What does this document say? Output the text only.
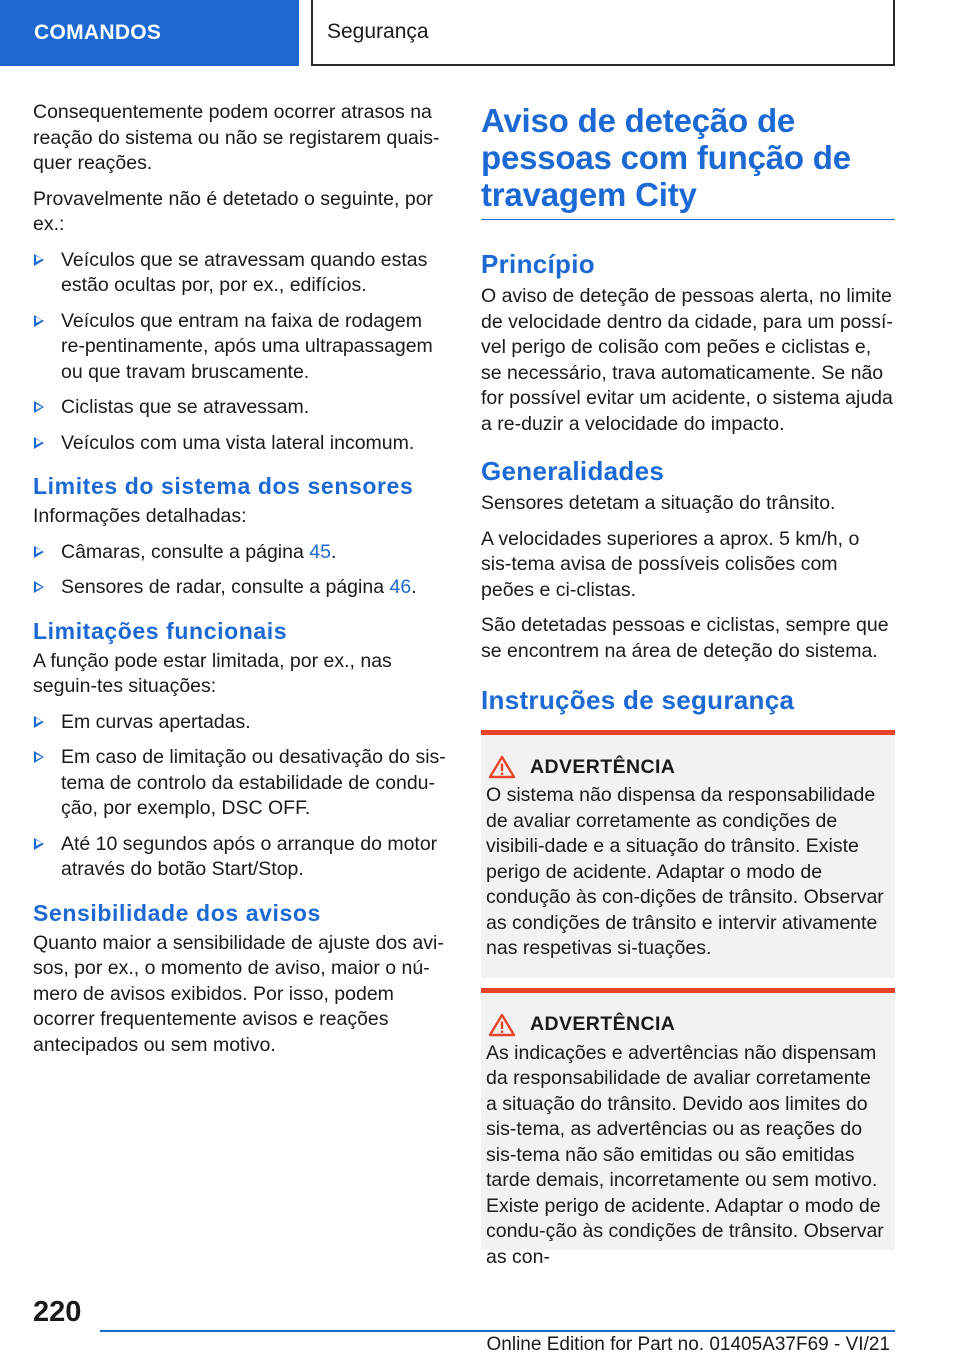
COMANDOS	Segurança

Consequentemente podem ocorrer atrasos na reação do sistema ou não se registarem quais-quer reações.

Provavelmente não é detetado o seguinte, por ex.:

Veículos que se atravessam quando estas estão ocultas por, por ex., edifícios.
Veículos que entram na faixa de rodagem re-pentinamente, após uma ultrapassagem ou que travam bruscamente.
Ciclistas que se atravessam.
Veículos com uma vista lateral incomum.
Limites do sistema dos sensores

Informações detalhadas:

Câmaras, consulte a página 45.
Sensores de radar, consulte a página 46.
Limitações funcionais

A função pode estar limitada, por ex., nas seguin-tes situações:

Em curvas apertadas.
Em caso de limitação ou desativação do sis-tema de controlo da estabilidade de condu-ção, por exemplo, DSC OFF.
Até 10 segundos após o arranque do motor através do botão Start/Stop.
Sensibilidade dos avisos

Quanto maior a sensibilidade de ajuste dos avi-sos, por ex., o momento de aviso, maior o nú-mero de avisos exibidos. Por isso, podem ocorrer frequentemente avisos e reações antecipados ou sem motivo.

Aviso de deteção de pessoas com função de travagem City
Princípio

O aviso de deteção de pessoas alerta, no limite de velocidade dentro da cidade, para um possí-vel perigo de colisão com peões e ciclistas e, se necessário, trava automaticamente. Se não for possível evitar um acidente, o sistema ajuda a re-duzir a velocidade do impacto.

Generalidades

Sensores detetam a situação do trânsito.

A velocidades superiores a aprox. 5 km/h, o sis-tema avisa de possíveis colisões com peões e ci-clistas.

São detetadas pessoas e ciclistas, sempre que se encontrem na área de deteção do sistema.

Instruções de segurança
ADVERTÊNCIA

O sistema não dispensa da responsabilidade de avaliar corretamente as condições de visibili-dade e a situação do trânsito. Existe perigo de acidente. Adaptar o modo de condução às con-dições de trânsito. Observar as condições de trânsito e intervir ativamente nas respetivas si-tuações.

ADVERTÊNCIA

As indicações e advertências não dispensam da responsabilidade de avaliar corretamente a situação do trânsito. Devido aos limites do sis-tema, as advertências ou as reações do sis-tema não são emitidas ou são emitidas tarde demais, incorretamente ou sem motivo. Existe perigo de acidente. Adaptar o modo de condu-ção às condições de trânsito. Observar as con-

220
Online Edition for Part no. 01405A37F69 - VI/21
